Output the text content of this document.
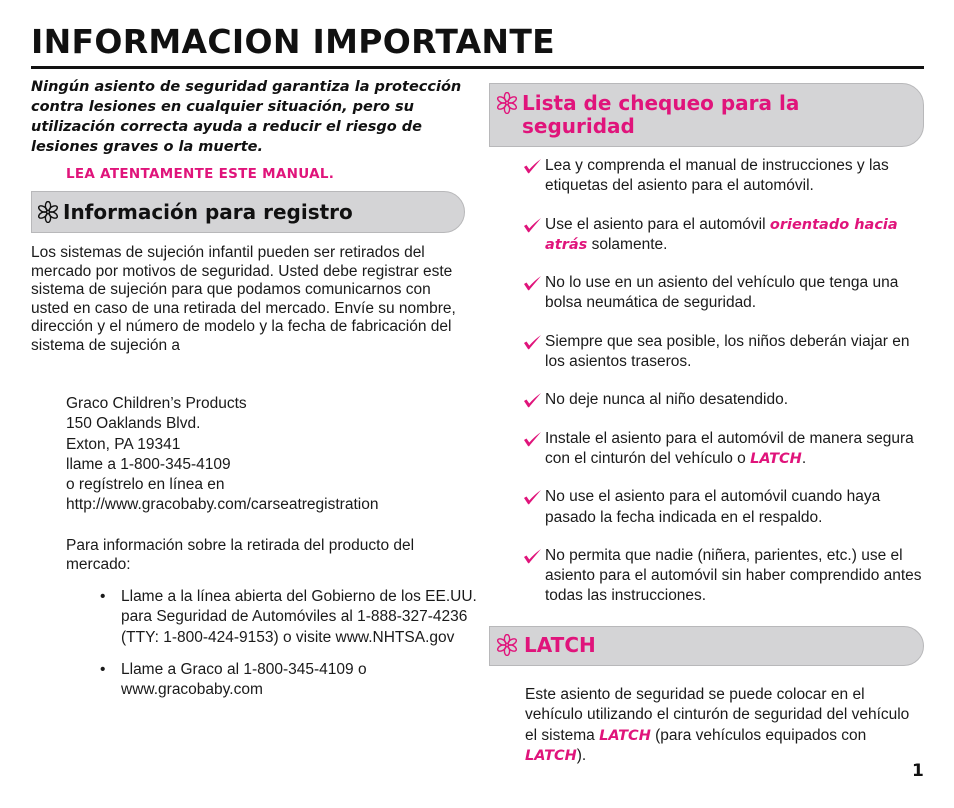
INFORMACION IMPORTANTE

Ningún asiento de seguridad garantiza la protección contra lesiones en cualquier situación, pero su utilización correcta ayuda a reducir el riesgo de lesiones graves o la muerte.

LEA ATENTAMENTE ESTE MANUAL.

Información para registro

Los sistemas de sujeción infantil pueden ser retirados del mercado por motivos de seguridad. Usted debe registrar este sistema de sujeción para que podamos comunicarnos con usted en caso de una retirada del mercado. Envíe su nombre, dirección y el número de modelo y la fecha de fabricación del sistema de sujeción a

Graco Children’s Products
150 Oaklands Blvd.
Exton, PA 19341
llame a 1-800-345-4109
o regístrelo en línea en
http://www.gracobaby.com/carseatregistration

Para información sobre la retirada del producto del mercado:

• Llame a la línea abierta del Gobierno de los EE.UU. para Seguridad de Automóviles al 1-888-327-4236 (TTY: 1-800-424-9153) o visite www.NHTSA.gov
• Llame a Graco al 1-800-345-4109 o www.gracobaby.com
Lista de chequeo para la seguridad
Lea y comprenda el manual de instrucciones y las etiquetas del asiento para el automóvil.
Use el asiento para el automóvil orientado hacia atrás solamente.
No lo use en un asiento del vehículo que tenga una bolsa neumática de seguridad.
Siempre que sea posible, los niños deberán viajar en los asientos traseros.
No deje nunca al niño desatendido.
Instale el asiento para el automóvil de manera segura con el cinturón del vehículo o LATCH.
No use el asiento para el automóvil cuando haya pasado la fecha indicada en el respaldo.
No permita que nadie (niñera, parientes, etc.) use el asiento para el automóvil sin haber comprendido antes todas las instrucciones.
LATCH

Este asiento de seguridad se puede colocar en el vehículo utilizando el cinturón de seguridad del vehículo el sistema LATCH (para vehículos equipados con LATCH).

1
